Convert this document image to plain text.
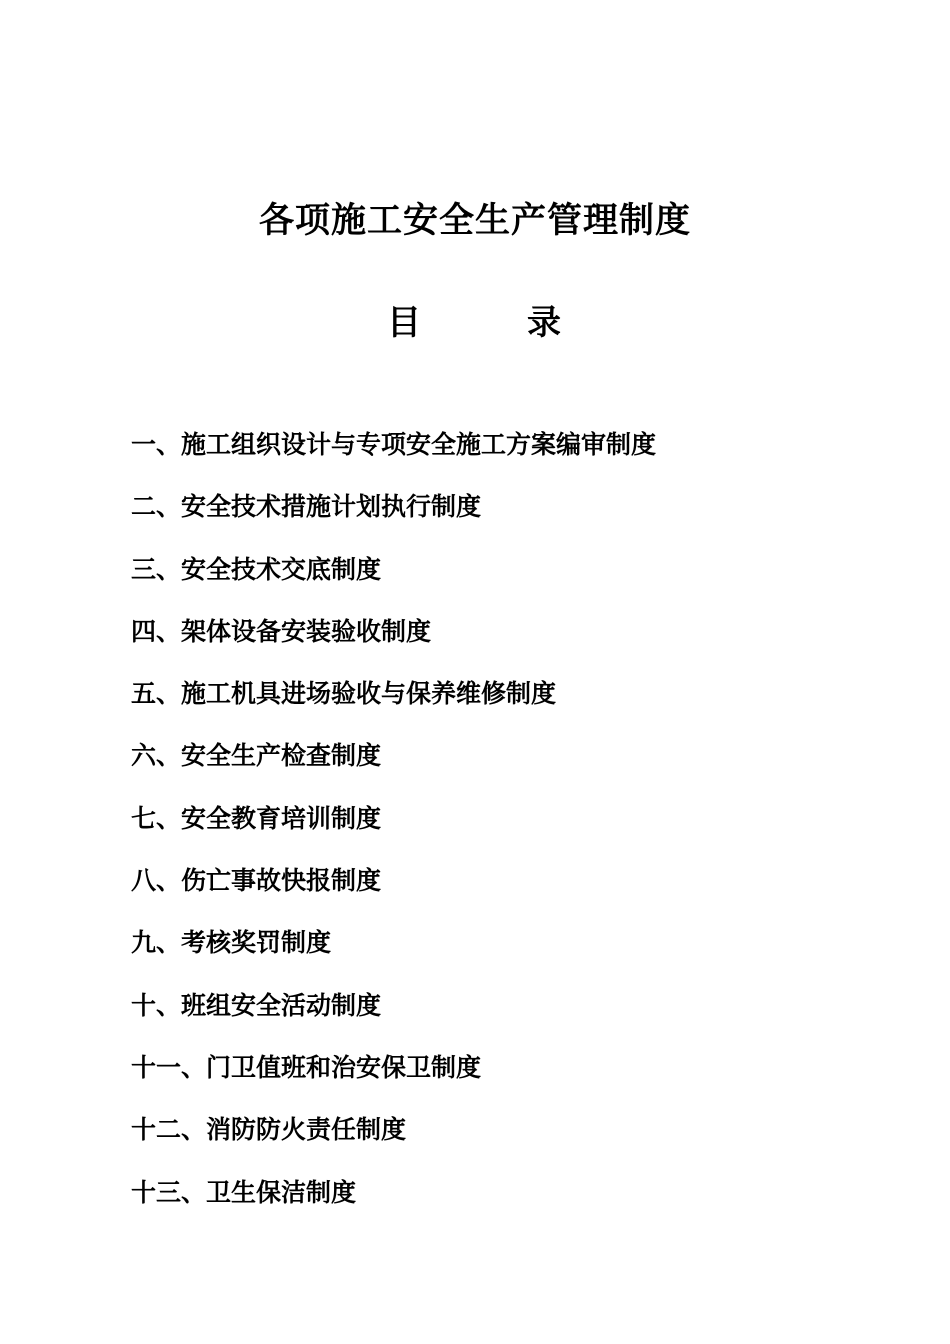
各项施工安全生产管理制度
目	录
一、施工组织设计与专项安全施工方案编审制度
二、安全技术措施计划执行制度
三、安全技术交底制度
四、架体设备安装验收制度
五、施工机具进场验收与保养维修制度
六、安全生产检查制度
七、安全教育培训制度
八、伤亡事故快报制度
九、考核奖罚制度
十、班组安全活动制度
十一、门卫值班和治安保卫制度
十二、消防防火责任制度
十三、卫生保洁制度
